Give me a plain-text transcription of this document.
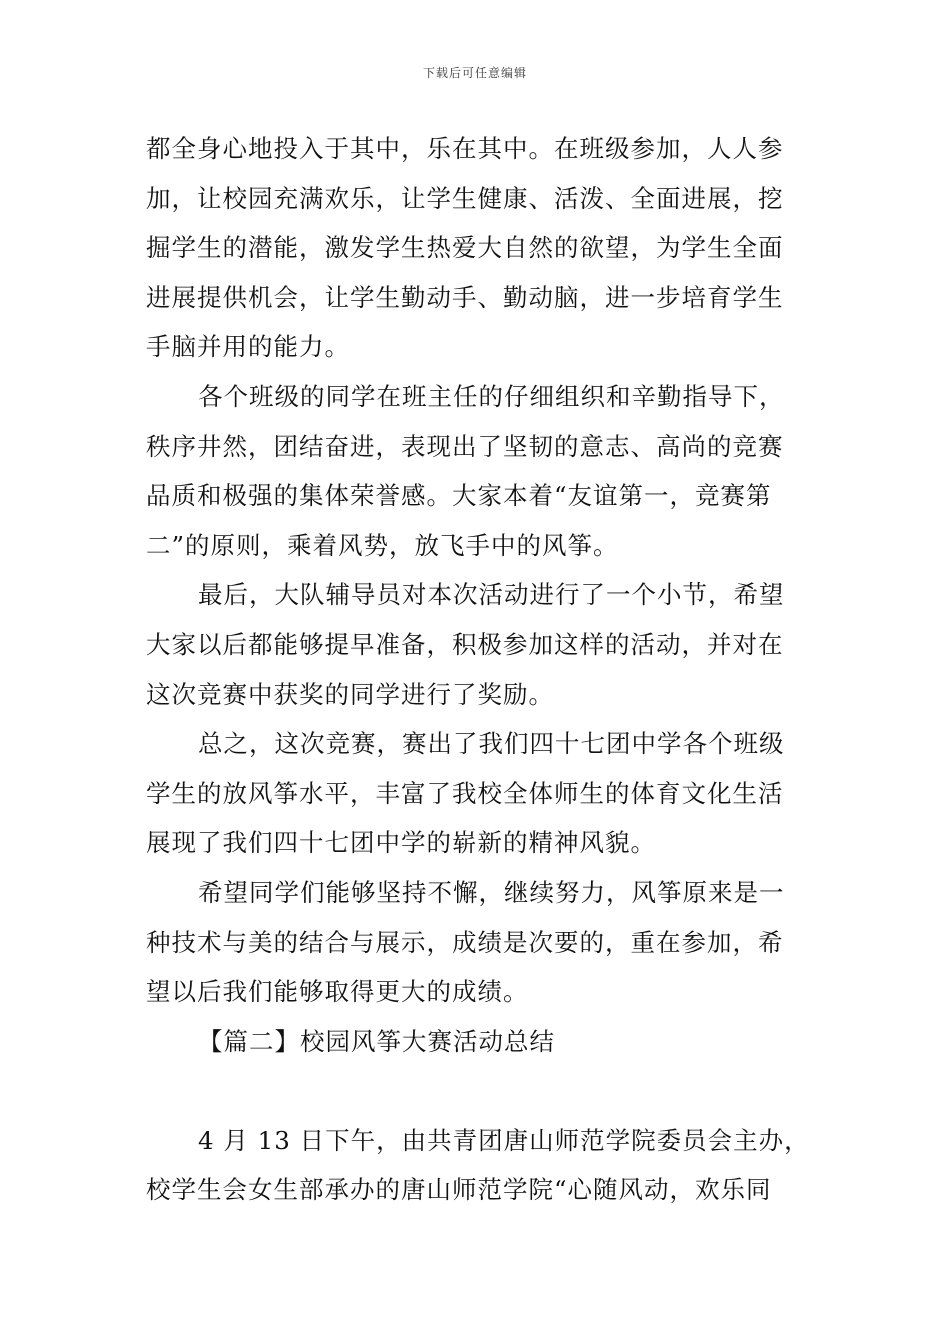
下载后可任意编辑
都全身心地投入于其中，乐在其中。在班级参加，人人参
加，让校园充满欢乐，让学生健康、活泼、全面进展，挖
掘学生的潜能，激发学生热爱大自然的欲望，为学生全面
进展提供机会，让学生勤动手、勤动脑，进一步培育学生
手脑并用的能力。
各个班级的同学在班主任的仔细组织和辛勤指导下，
秩序井然，团结奋进，表现出了坚韧的意志、高尚的竞赛
品质和极强的集体荣誉感。大家本着“友谊第一，竞赛第
二”的原则，乘着风势，放飞手中的风筝。
最后，大队辅导员对本次活动进行了一个小节，希望
大家以后都能够提早准备，积极参加这样的活动，并对在
这次竞赛中获奖的同学进行了奖励。
总之，这次竞赛，赛出了我们四十七团中学各个班级
学生的放风筝水平，丰富了我校全体师生的体育文化生活
展现了我们四十七团中学的崭新的精神风貌。
希望同学们能够坚持不懈，继续努力，风筝原来是一
种技术与美的结合与展示，成绩是次要的，重在参加，希
望以后我们能够取得更大的成绩。
【篇二】校园风筝大赛活动总结
4 月 13 日下午，由共青团唐山师范学院委员会主办，
校学生会女生部承办的唐山师范学院“心随风动，欢乐同
